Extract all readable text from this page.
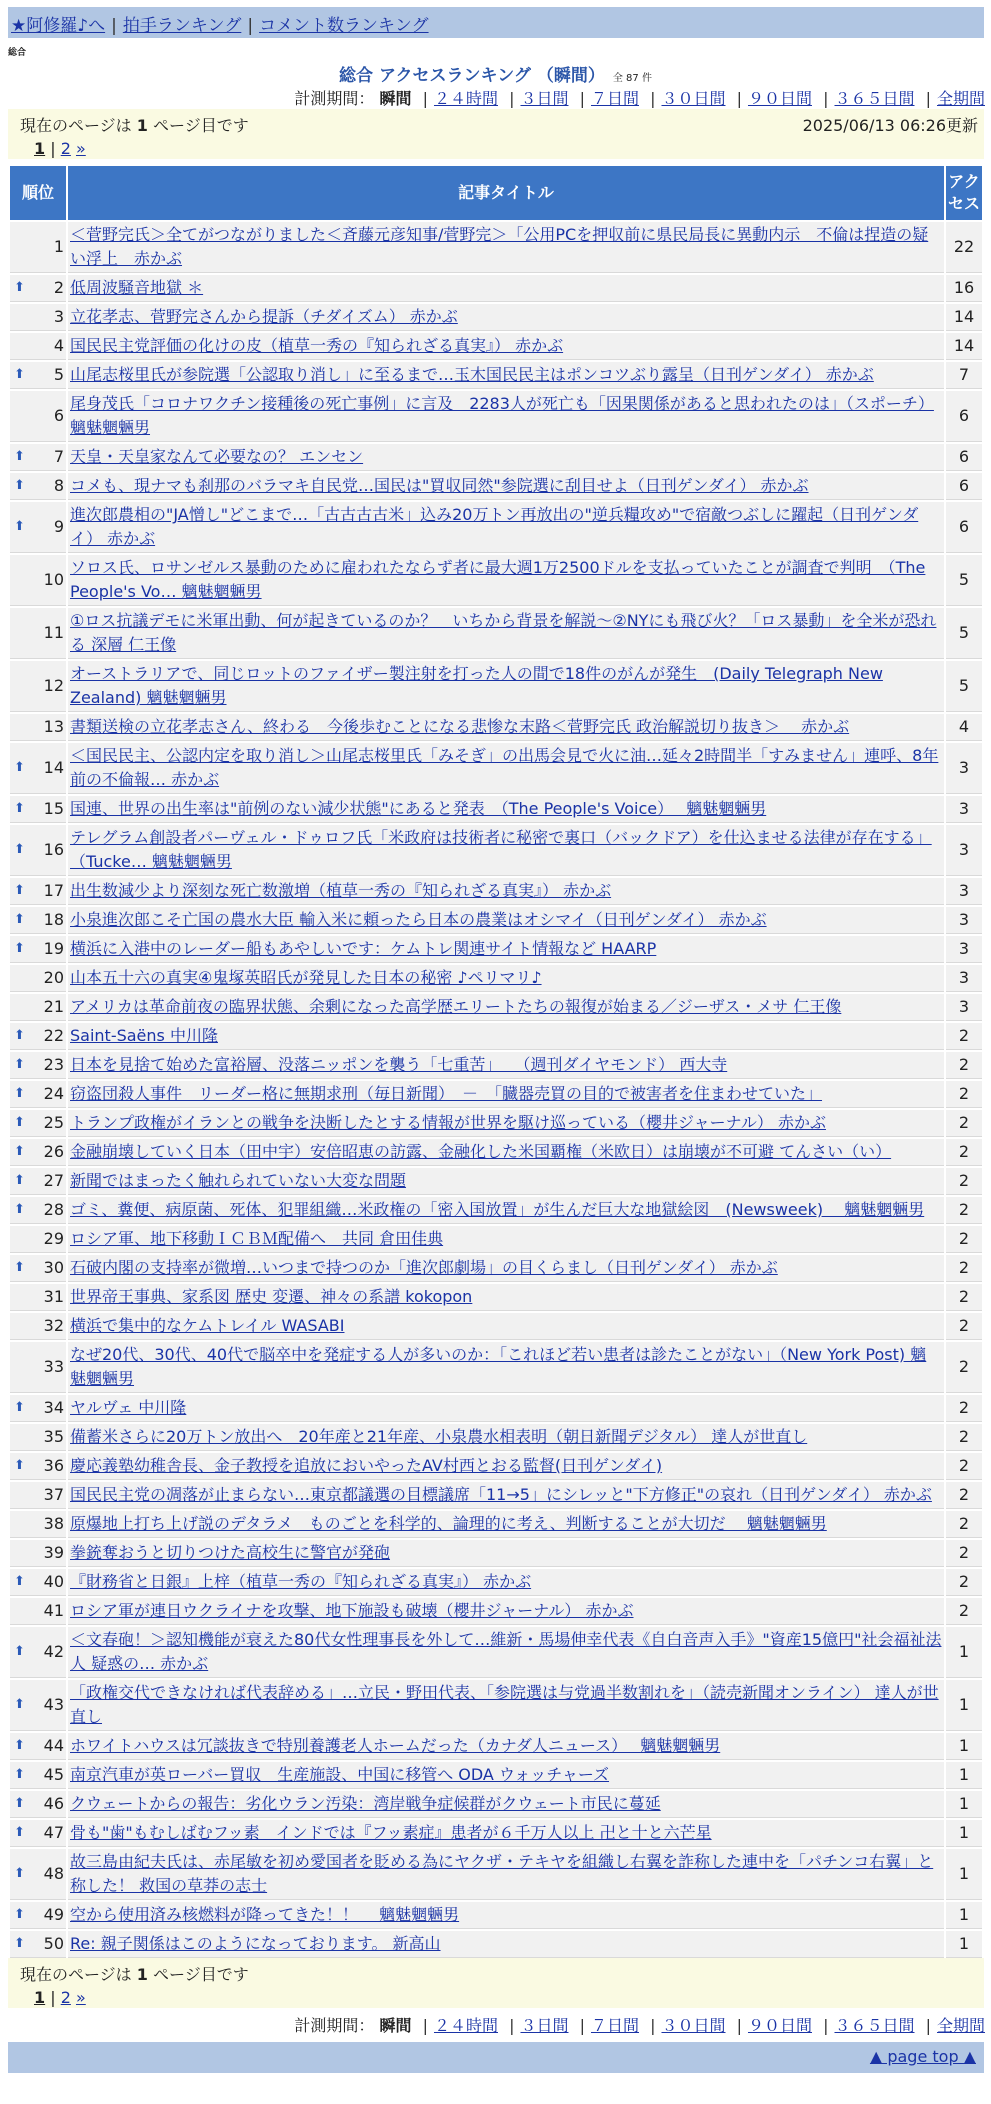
★阿修羅♪へ | 拍手ランキング | コメント数ランキング
総合
総合 アクセスランキング （瞬間） 全 87 件
計測期間： 瞬間 | ２４時間 | ３日間 | ７日間 | ３０日間 | ９０日間 | ３６５日間 | 全期間
現在のページは 1 ページ目です	2025/06/13 06:26更新
1 | 2 »
順位	記事タイトル	アクセス
1	＜菅野完氏＞全てがつながりました＜斉藤元彦知事/菅野完＞「公用PCを押収前に県民局長に異動内示　不倫は捏造の疑い浮上　赤かぶ	22

⬆ 2	低周波騒音地獄 ＊	16
3	立花孝志、菅野完さんから提訴（チダイズム） 赤かぶ	14
4	国民民主党評価の化けの皮（植草一秀の『知られざる真実』） 赤かぶ	14

⬆ 5	山尾志桜里氏が参院選「公認取り消し」に至るまで…玉木国民民主はポンコツぶり露呈（日刊ゲンダイ） 赤かぶ	7
6	尾身茂氏「コロナワクチン接種後の死亡事例」に言及　2283人が死亡も「因果関係があると思われたのは」（スポーチ） 魑魅魍魎男	6

⬆ 7	天皇・天皇家なんて必要なの？ エンセン	6

⬆ 8	コメも、現ナマも刹那のバラマキ自民党…国民は"買収同然"参院選に刮目せよ（日刊ゲンダイ） 赤かぶ	6

⬆ 9	進次郎農相の"JA憎し"どこまで…「古古古古米」込み20万トン再放出の"逆兵糧攻め"で宿敵つぶしに躍起（日刊ゲンダイ） 赤かぶ	6
10	ソロス氏、ロサンゼルス暴動のために雇われたならず者に最大週1万2500ドルを支払っていたことが調査で判明　（The People's Vo… 魑魅魍魎男	5
11	①ロス抗議デモに米軍出動、何が起きているのか？　いちから背景を解説～②NYにも飛び火？「ロス暴動」を全米が恐れる 深層 仁王像	5
12	オーストラリアで、同じロットのファイザー製注射を打った人の間で18件のがんが発生　(Daily Telegraph New Zealand) 魑魅魍魎男	5
13	書類送検の立花孝志さん、終わる　今後歩むことになる悲惨な末路＜菅野完氏 政治解説切り抜き＞　 赤かぶ	4

⬆ 14	＜国民民主、公認内定を取り消し＞山尾志桜里氏「みそぎ」の出馬会見で火に油…延々2時間半「すみません」連呼、8年前の不倫報… 赤かぶ	3

⬆ 15	国連、世界の出生率は"前例のない減少状態"にあると発表　（The People's Voice）　 魑魅魍魎男	3

⬆ 16	テレグラム創設者パーヴェル・ドゥロフ氏「米政府は技術者に秘密で裏口（バックドア）を仕込ませる法律が存在する」（Tucke… 魑魅魍魎男	3

⬆ 17	出生数減少より深刻な死亡数激増（植草一秀の『知られざる真実』） 赤かぶ	3

⬆ 18	小泉進次郎こそ亡国の農水大臣 輸入米に頼ったら日本の農業はオシマイ（日刊ゲンダイ） 赤かぶ	3

⬆ 19	横浜に入港中のレーダー船もあやしいです：ケムトレ関連サイト情報など HAARP	3
20	山本五十六の真実④鬼塚英昭氏が発見した日本の秘密 ♪ペリマリ♪	3
21	アメリカは革命前夜の臨界状態、余剰になった高学歴エリートたちの報復が始まる／ジーザス・メサ 仁王像	3

⬆ 22	Saint-Saëns 中川隆	2

⬆ 23	日本を見捨て始めた富裕層、没落ニッポンを襲う「七重苦」　 （週刊ダイヤモンド） 西大寺	2

⬆ 24	窃盗団殺人事件　リーダー格に無期求刑（毎日新聞）　－　「臓器売買の目的で被害者を住まわせていた」	2

⬆ 25	トランプ政権がイランとの戦争を決断したとする情報が世界を駆け巡っている（櫻井ジャーナル） 赤かぶ	2

⬆ 26	金融崩壊していく日本（田中宇）安倍昭恵の訪露、金融化した米国覇権（米欧日）は崩壊が不可避 てんさい（い）	2

⬆ 27	新聞ではまったく触れられていない大変な問題	2

⬆ 28	ゴミ、糞便、病原菌、死体、犯罪組織…米政権の「密入国放置」が生んだ巨大な地獄絵図　(Newsweek)　 魑魅魍魎男	2
29	ロシア軍、地下移動ＩＣＢＭ配備へ　共同 倉田佳典	2

⬆ 30	石破内閣の支持率が微増…いつまで持つのか「進次郎劇場」の目くらまし（日刊ゲンダイ） 赤かぶ	2
31	世界帝王事典、家系図 歴史 変遷、神々の系譜 kokopon	2
32	横浜で集中的なケムトレイル WASABI	2
33	なぜ20代、30代、40代で脳卒中を発症する人が多いのか：「これほど若い患者は診たことがない」（New York Post) 魑魅魍魎男	2

⬆ 34	ヤルヴェ 中川隆	2
35	備蓄米さらに20万トン放出へ　20年産と21年産、小泉農水相表明（朝日新聞デジタル） 達人が世直し	2

⬆ 36	慶応義塾幼稚舎長、金子教授を追放においやったAV村西とおる監督(日刊ゲンダイ)	2
37	国民民主党の凋落が止まらない…東京都議選の目標議席「11→5」にシレッと"下方修正"の哀れ（日刊ゲンダイ） 赤かぶ	2
38	原爆地上打ち上げ説のデタラメ　ものごとを科学的、論理的に考え、判断することが大切だ　 魑魅魍魎男	2
39	拳銃奪おうと切りつけた高校生に警官が発砲	2

⬆ 40	『財務省と日銀』上梓（植草一秀の『知られざる真実』） 赤かぶ	2
41	ロシア軍が連日ウクライナを攻撃、地下施設も破壊（櫻井ジャーナル） 赤かぶ	2

⬆ 42	＜文春砲！＞認知機能が衰えた80代女性理事長を外して…維新・馬場伸幸代表《自白音声入手》"資産15億円"社会福祉法人 疑惑の… 赤かぶ	1

⬆ 43	「政権交代できなければ代表辞める」…立民・野田代表、「参院選は与党過半数割れを」（読売新聞オンライン） 達人が世直し	1

⬆ 44	ホワイトハウスは冗談抜きで特別養護老人ホームだった（カナダ人ニュース）　 魑魅魍魎男	1

⬆ 45	南京汽車が英ローバー買収　生産施設、中国に移管へ ODA ウォッチャーズ	1

⬆ 46	クウェートからの報告：劣化ウラン汚染：湾岸戦争症候群がクウェート市民に蔓延	1

⬆ 47	骨も"歯"もむしばむフッ素　インドでは『フッ素症』患者が６千万人以上 卍と十と六芒星	1

⬆ 48	故三島由紀夫氏は、赤尾敏を初め愛国者を貶める為にヤクザ・テキヤを組織し右翼を詐称した連中を「パチンコ右翼」と称した！ 救国の草莽の志士	1

⬆ 49	空から使用済み核燃料が降ってきた！！　 魑魅魍魎男	1

⬆ 50	Re: 親子関係はこのようになっております。 新高山	1
現在のページは 1 ページ目です
1 | 2 »
計測期間： 瞬間 | ２４時間 | ３日間 | ７日間 | ３０日間 | ９０日間 | ３６５日間 | 全期間
▲ page top ▲
